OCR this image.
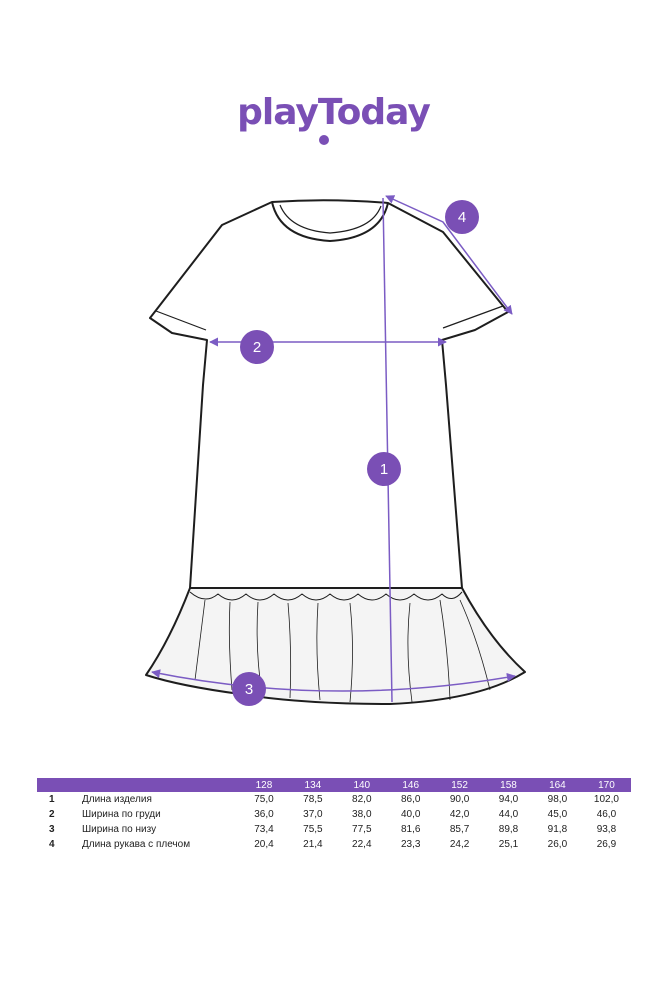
playToday
1
2
3
4
		128	134	140	146	152	158	164	170
1	Длина изделия	75,0	78,5	82,0	86,0	90,0	94,0	98,0	102,0
2	Ширина по груди	36,0	37,0	38,0	40,0	42,0	44,0	45,0	46,0
3	Ширина по низу	73,4	75,5	77,5	81,6	85,7	89,8	91,8	93,8
4	Длина рукава с плечом	20,4	21,4	22,4	23,3	24,2	25,1	26,0	26,9
